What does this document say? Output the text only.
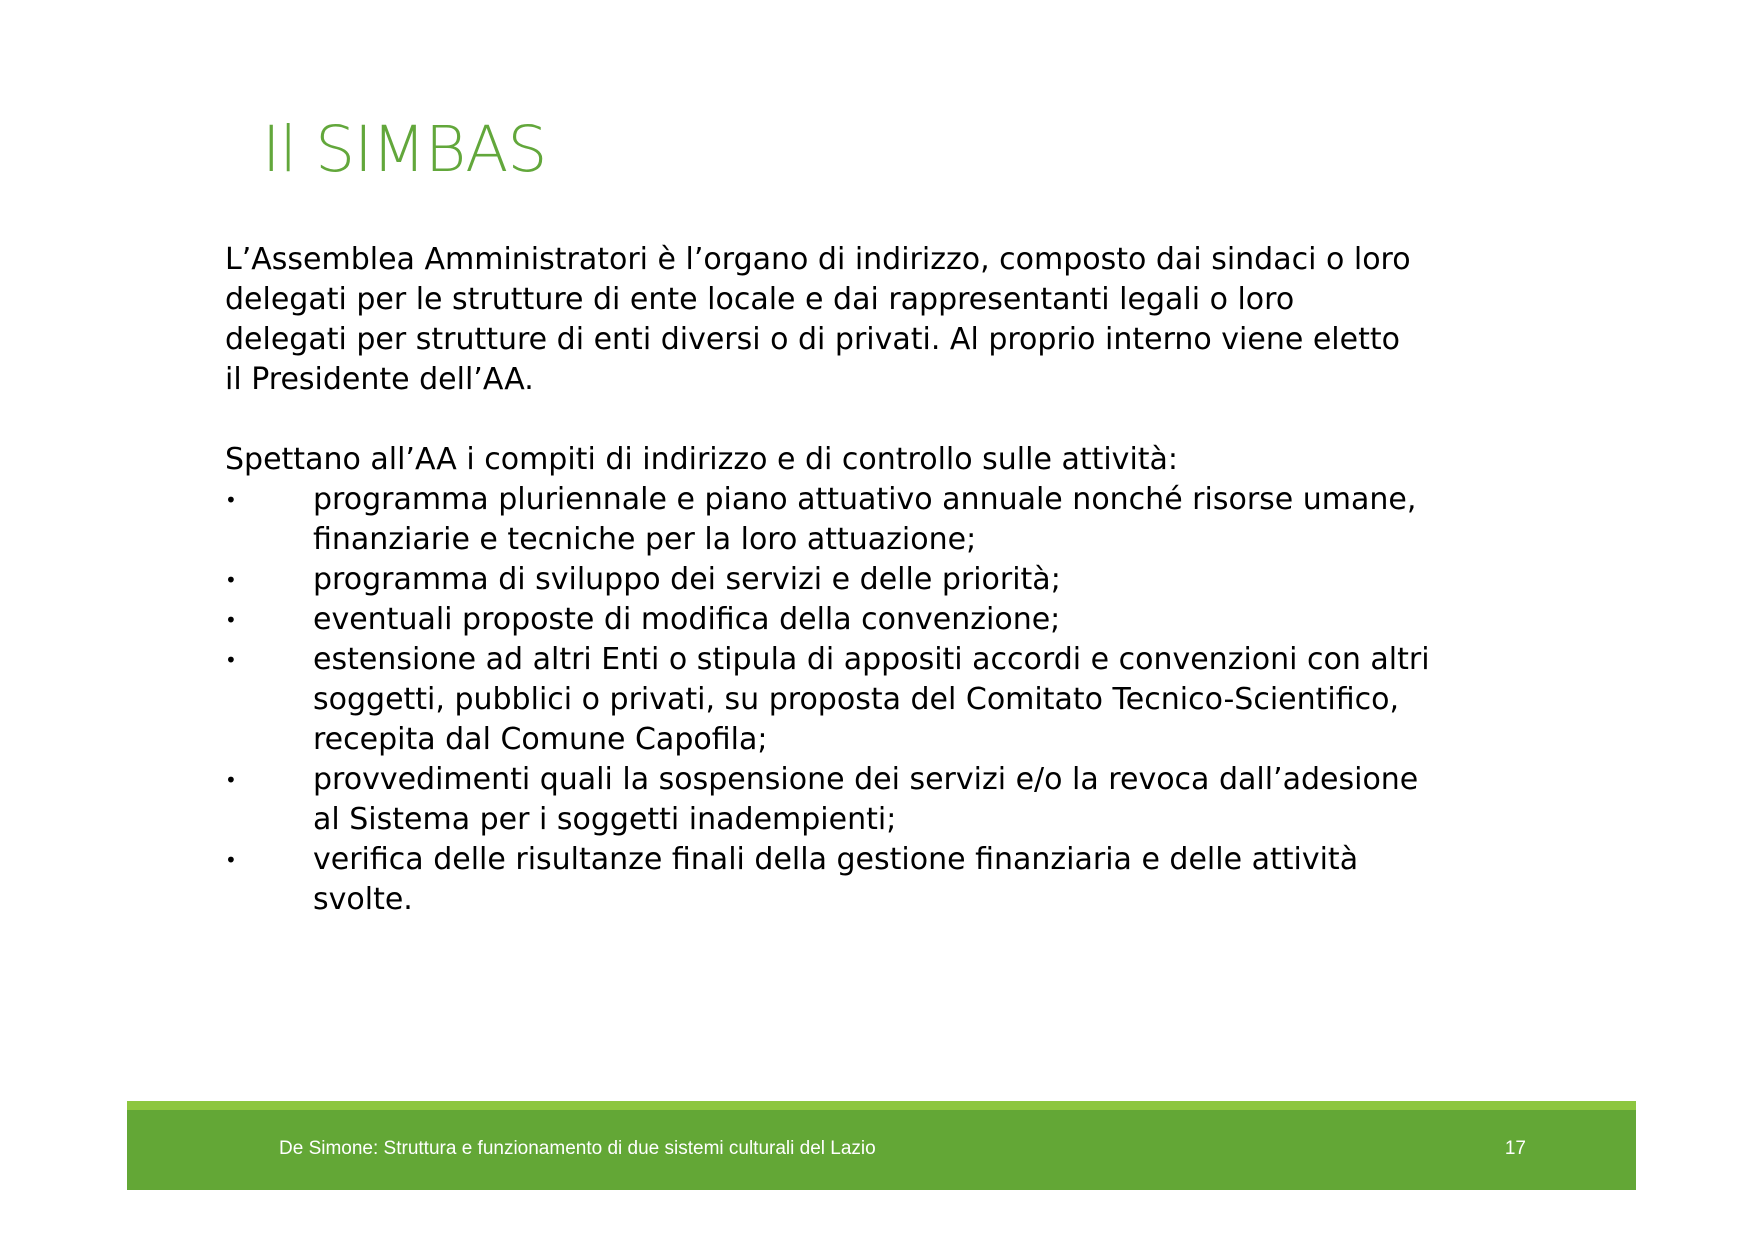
Il SIMBAS

L’Assemblea Amministratori è l’organo di indirizzo, composto dai sindaci o loro
delegati per le strutture di ente locale e dai rappresentanti legali o loro
delegati per strutture di enti diversi o di privati. Al proprio interno viene eletto
il Presidente dell’AA.

Spettano all’AA i compiti di indirizzo e di controllo sulle attività:

•	programma pluriennale e piano attuativo annuale nonché risorse umane,
finanziarie e tecniche per la loro attuazione;
•	programma di sviluppo dei servizi e delle priorità;
•	eventuali proposte di modifica della convenzione;
•	estensione ad altri Enti o stipula di appositi accordi e convenzioni con altri
soggetti, pubblici o privati, su proposta del Comitato Tecnico-Scientifico,
recepita dal Comune Capofila;
•	provvedimenti quali la sospensione dei servizi e/o la revoca dall’adesione
al Sistema per i soggetti inadempienti;
•	verifica delle risultanze finali della gestione finanziaria e delle attività
svolte.
De Simone: Struttura e funzionamento di due sistemi culturali del Lazio	17
